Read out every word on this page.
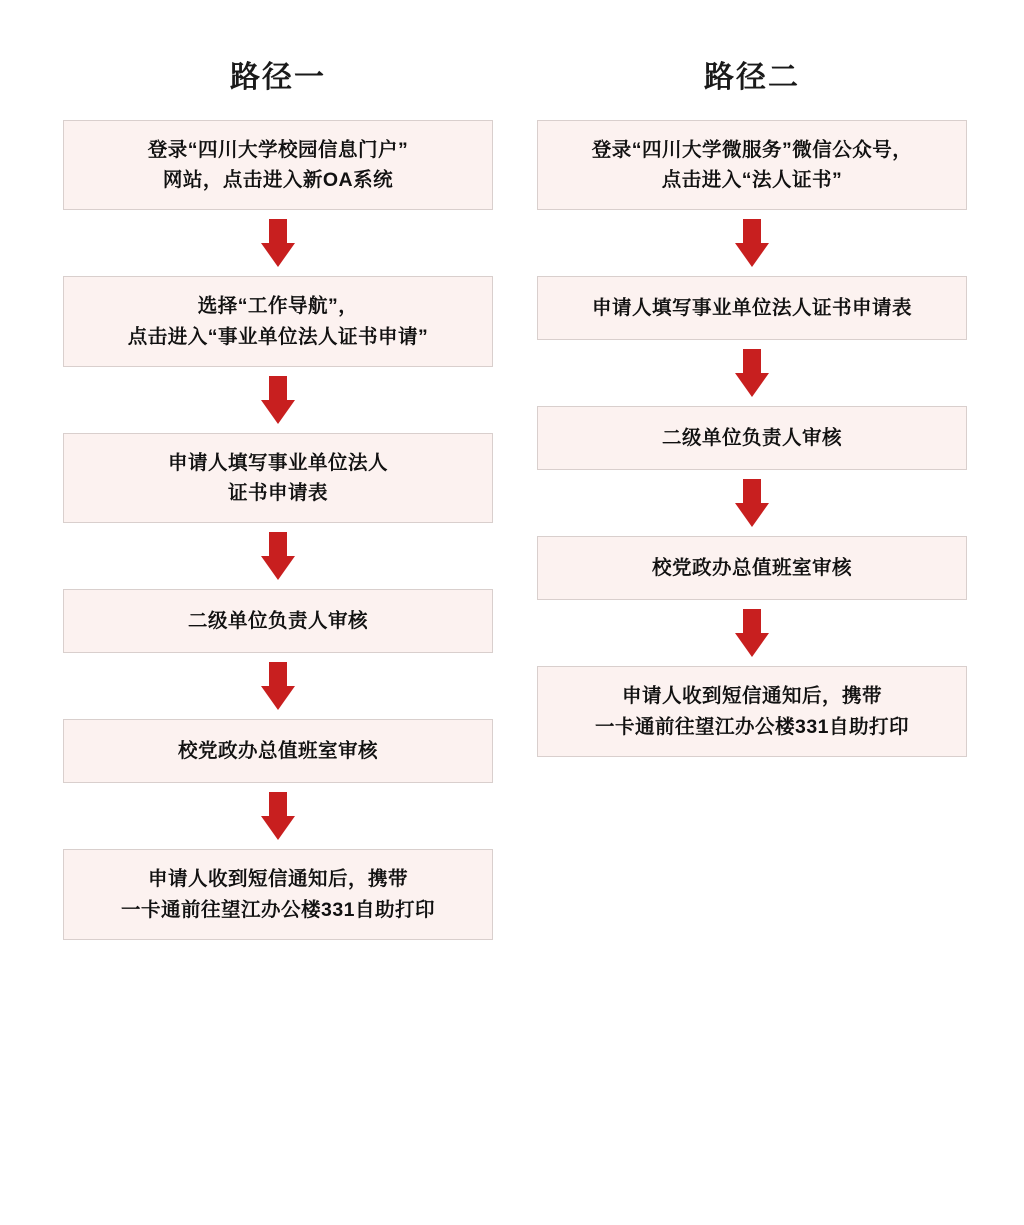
路径一
登录“四川大学校园信息门户”
网站，点击进入新OA系统
选择“工作导航”，
点击进入“事业单位法人证书申请”
申请人填写事业单位法人
证书申请表
二级单位负责人审核
校党政办总值班室审核
申请人收到短信通知后，携带
一卡通前往望江办公楼331自助打印
路径二
登录“四川大学微服务”微信公众号，
点击进入“法人证书”
申请人填写事业单位法人证书申请表
二级单位负责人审核
校党政办总值班室审核
申请人收到短信通知后，携带
一卡通前往望江办公楼331自助打印
